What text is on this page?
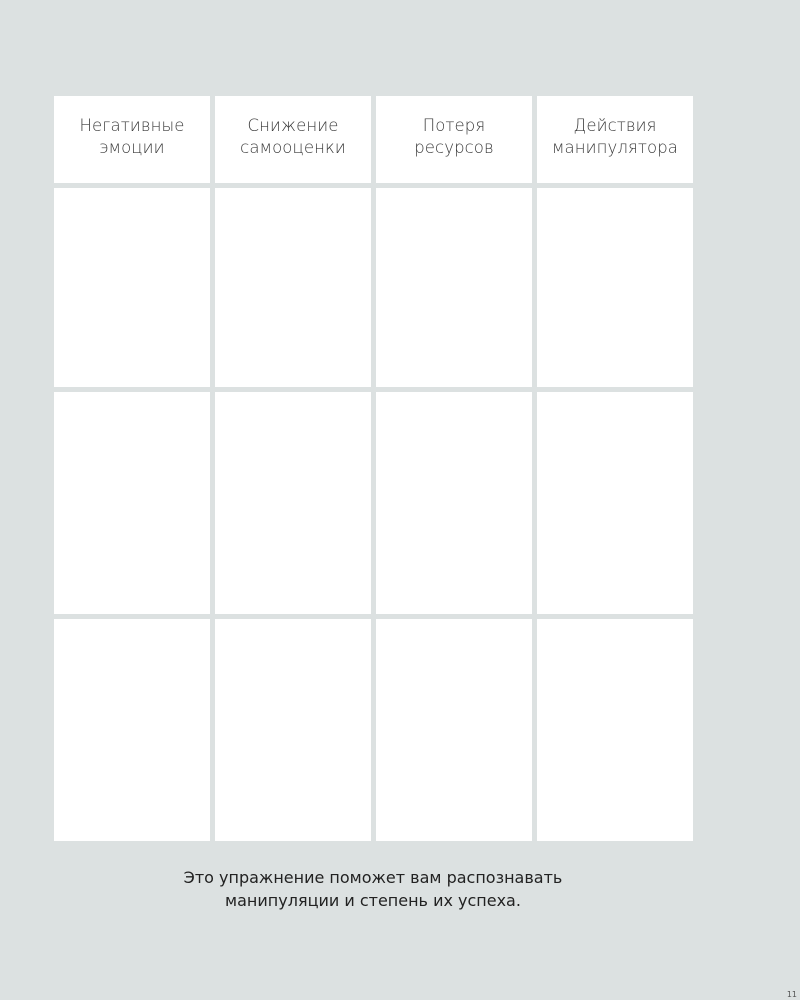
Негативные
эмоции
Снижение
самооценки
Потеря
ресурсов
Действия
манипулятора
Это упражнение поможет вам распознавать
манипуляции и степень их успеха.
11
